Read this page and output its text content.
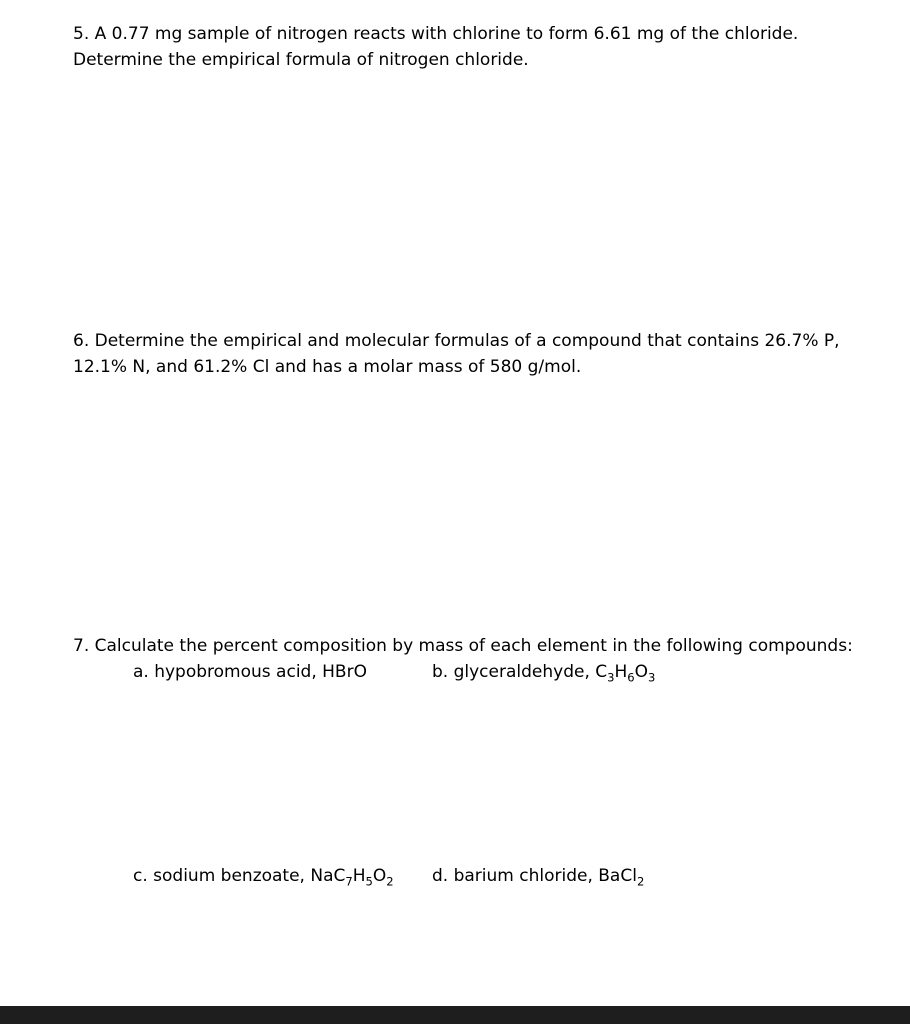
5. A 0.77 mg sample of nitrogen reacts with chlorine to form 6.61 mg of the chloride.
Determine the empirical formula of nitrogen chloride.
6. Determine the empirical and molecular formulas of a compound that contains 26.7% P,
12.1% N, and 61.2% Cl and has a molar mass of 580 g/mol.
7. Calculate the percent composition by mass of each element in the following compounds:
a. hypobromous acid, HBrO	b. glyceraldehyde, $C_3H_6O_3$
c. sodium benzoate, $NaC_7H_5O_2$ d. barium chloride, BaCl$_2$
